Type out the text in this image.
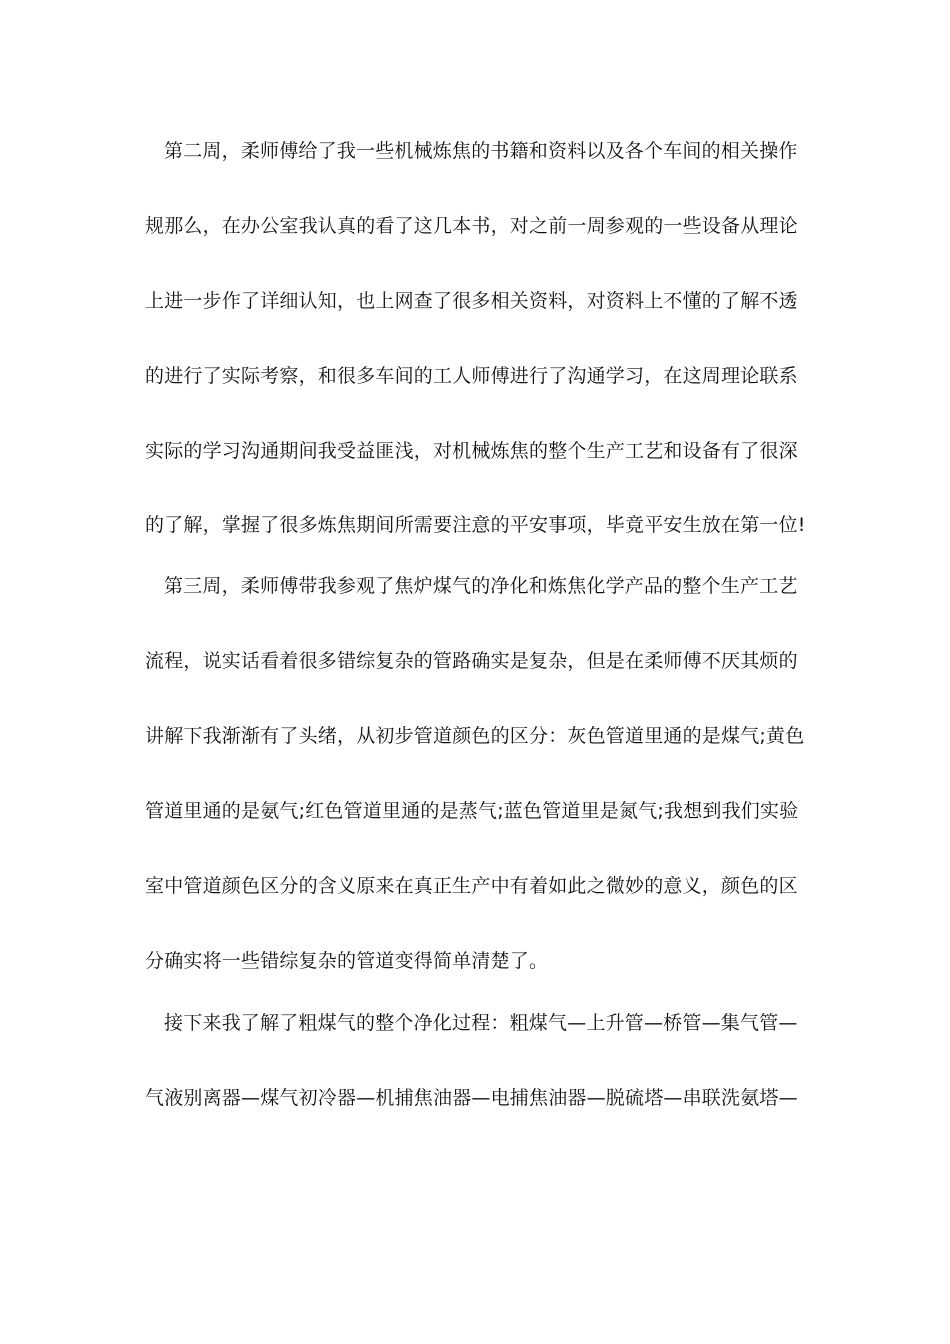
第二周，柔师傅给了我一些机械炼焦的书籍和资料以及各个车间的相关操作
规那么，在办公室我认真的看了这几本书，对之前一周参观的一些设备从理论
上进一步作了详细认知，也上网查了很多相关资料，对资料上不懂的了解不透
的进行了实际考察，和很多车间的工人师傅进行了沟通学习，在这周理论联系
实际的学习沟通期间我受益匪浅，对机械炼焦的整个生产工艺和设备有了很深
的了解，掌握了很多炼焦期间所需要注意的平安事项，毕竟平安生放在第一位!
第三周，柔师傅带我参观了焦炉煤气的净化和炼焦化学产品的整个生产工艺
流程，说实话看着很多错综复杂的管路确实是复杂，但是在柔师傅不厌其烦的
讲解下我渐渐有了头绪，从初步管道颜色的区分：灰色管道里通的是煤气;黄色
管道里通的是氨气;红色管道里通的是蒸气;蓝色管道里是氮气;我想到我们实验
室中管道颜色区分的含义原来在真正生产中有着如此之微妙的意义，颜色的区
分确实将一些错综复杂的管道变得简单清楚了。
接下来我了解了粗煤气的整个净化过程：粗煤气—上升管—桥管—集气管—
气液别离器—煤气初冷器—机捕焦油器—电捕焦油器—脱硫塔—串联洗氨塔—
